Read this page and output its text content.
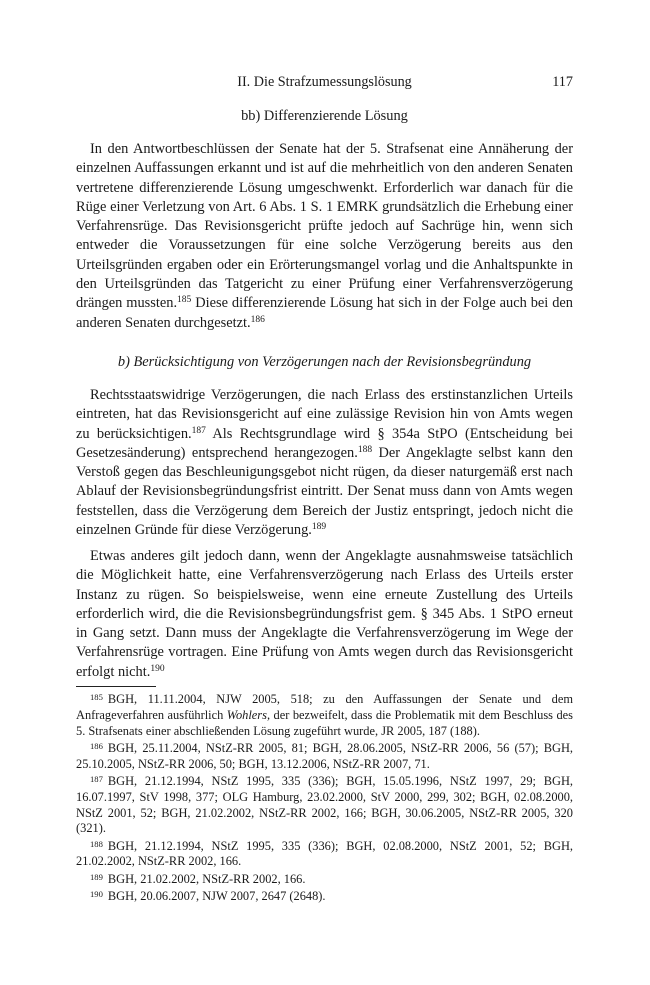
II. Die Strafzumessungslösung	117
bb) Differenzierende Lösung

In den Antwortbeschlüssen der Senate hat der 5. Strafsenat eine Annäherung der einzelnen Auffassungen erkannt und ist auf die mehrheitlich von den anderen Senaten vertretene differenzierende Lösung umgeschwenkt. Erforderlich war danach für die Rüge einer Verletzung von Art. 6 Abs. 1 S. 1 EMRK grundsätzlich die Erhebung einer Verfahrensrüge. Das Revisionsgericht prüfte jedoch auf Sachrüge hin, wenn sich entweder die Voraussetzungen für eine solche Verzögerung bereits aus den Urteilsgründen ergaben oder ein Erörterungsmangel vorlag und die Anhaltspunkte in den Urteilsgründen das Tatgericht zu einer Prüfung einer Verfahrensverzögerung drängen mussten.$^{185}$ Diese differenzierende Lösung hat sich in der Folge auch bei den anderen Senaten durchgesetzt.$^{186}$

b) Berücksichtigung von Verzögerungen nach der Revisionsbegründung

Rechtsstaatswidrige Verzögerungen, die nach Erlass des erstinstanzlichen Urteils eintreten, hat das Revisionsgericht auf eine zulässige Revision hin von Amts wegen zu berücksichtigen.$^{187}$ Als Rechtsgrundlage wird § 354a StPO (Entscheidung bei Gesetzesänderung) entsprechend herangezogen.$^{188}$ Der Angeklagte selbst kann den Verstoß gegen das Beschleunigungsgebot nicht rügen, da dieser naturgemäß erst nach Ablauf der Revisionsbegründungsfrist eintritt. Der Senat muss dann von Amts wegen feststellen, dass die Verzögerung dem Bereich der Justiz entspringt, jedoch nicht die einzelnen Gründe für diese Verzögerung.$^{189}$

Etwas anderes gilt jedoch dann, wenn der Angeklagte ausnahmsweise tatsächlich die Möglichkeit hatte, eine Verfahrensverzögerung nach Erlass des Urteils erster Instanz zu rügen. So beispielsweise, wenn eine erneute Zustellung des Urteils erforderlich wird, die die Revisionsbegründungsfrist gem. § 345 Abs. 1 StPO erneut in Gang setzt. Dann muss der Angeklagte die Verfahrensverzögerung im Wege der Verfahrensrüge vortragen. Eine Prüfung von Amts wegen durch das Revisionsgericht erfolgt nicht.$^{190}$

$^{185}$ BGH, 11.11.2004, NJW 2005, 518; zu den Auffassungen der Senate und dem Anfrageverfahren ausführlich Wohlers, der bezweifelt, dass die Problematik mit dem Beschluss des 5. Strafsenats einer abschließenden Lösung zugeführt wurde, JR 2005, 187 (188).

$^{186}$ BGH, 25.11.2004, NStZ-RR 2005, 81; BGH, 28.06.2005, NStZ-RR 2006, 56 (57); BGH, 25.10.2005, NStZ-RR 2006, 50; BGH, 13.12.2006, NStZ-RR 2007, 71.

$^{187}$ BGH, 21.12.1994, NStZ 1995, 335 (336); BGH, 15.05.1996, NStZ 1997, 29; BGH, 16.07.1997, StV 1998, 377; OLG Hamburg, 23.02.2000, StV 2000, 299, 302; BGH, 02.08.2000, NStZ 2001, 52; BGH, 21.02.2002, NStZ-RR 2002, 166; BGH, 30.06.2005, NStZ-RR 2005, 320 (321).

$^{188}$ BGH, 21.12.1994, NStZ 1995, 335 (336); BGH, 02.08.2000, NStZ 2001, 52; BGH, 21.02.2002, NStZ-RR 2002, 166.

$^{189}$ BGH, 21.02.2002, NStZ-RR 2002, 166.

$^{190}$ BGH, 20.06.2007, NJW 2007, 2647 (2648).
